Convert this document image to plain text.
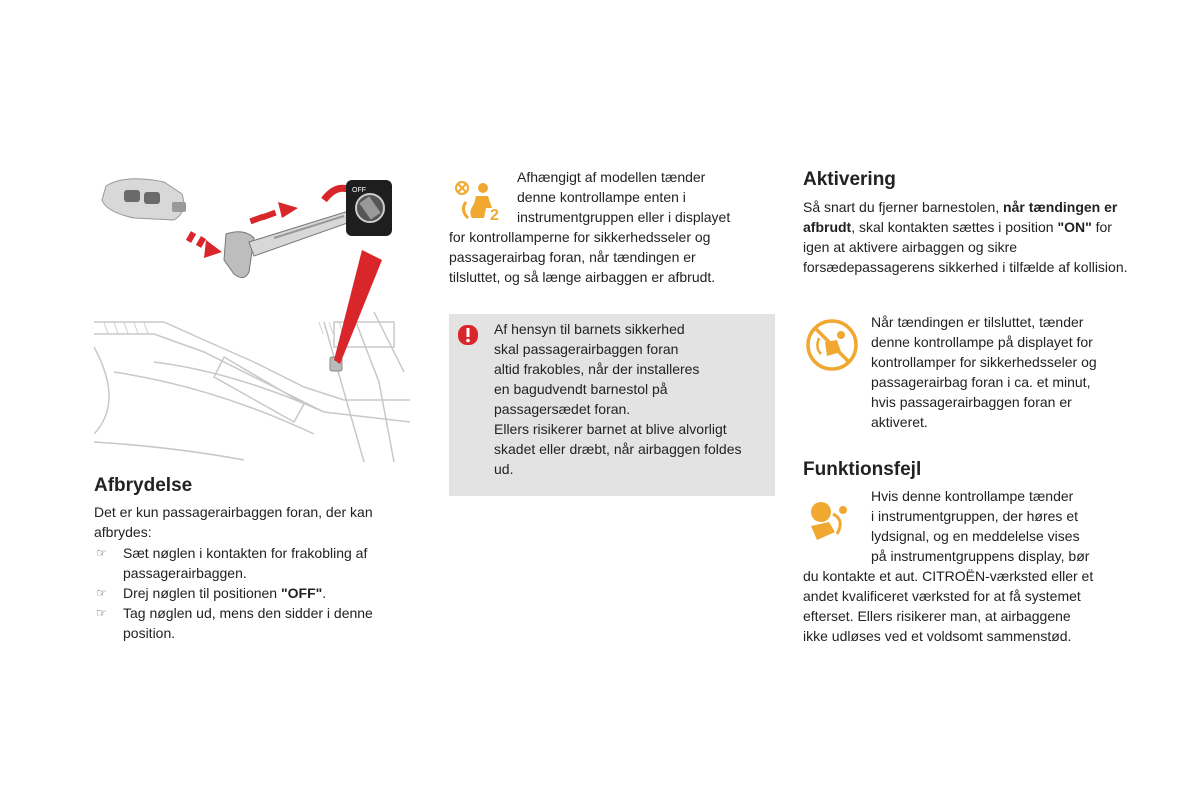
OFF
Afbrydelse

Det er kun passagerairbaggen foran, der kan afbrydes:

☞ Sæt nøglen i kontakten for frakobling af passagerairbaggen.
☞ Drej nøglen til positionen "OFF".
☞ Tag nøglen ud, mens den sidder i denne position.
2
Afhængigt af modellen tænder
denne kontrollampe enten i
instrumentgruppen eller i displayet
for kontrollamperne for sikkerhedsseler og
passagerairbag foran, når tændingen er
tilsluttet, og så længe airbaggen er afbrudt.
Af hensyn til barnets sikkerhed
skal passagerairbaggen foran
altid frakobles, når der installeres
en bagudvendt barnestol på
passagersædet foran.
Ellers risikerer barnet at blive alvorligt
skadet eller dræbt, når airbaggen foldes
ud.
Aktivering

Så snart du fjerner barnestolen, når tændingen er afbrudt, skal kontakten sættes i position "ON" for igen at aktivere airbaggen og sikre forsædepassagerens sikkerhed i tilfælde af kollision.

Når tændingen er tilsluttet, tænder
denne kontrollampe på displayet for
kontrollamper for sikkerhedsseler og
passagerairbag foran i ca. et minut,
hvis passagerairbaggen foran er
aktiveret.
Funktionsfejl
Hvis denne kontrollampe tænder
i instrumentgruppen, der høres et
lydsignal, og en meddelelse vises
på instrumentgruppens display, bør
du kontakte et aut. CITROËN-værksted eller et
andet kvalificeret værksted for at få systemet
efterset. Ellers risikerer man, at airbaggene
ikke udløses ved et voldsomt sammenstød.
